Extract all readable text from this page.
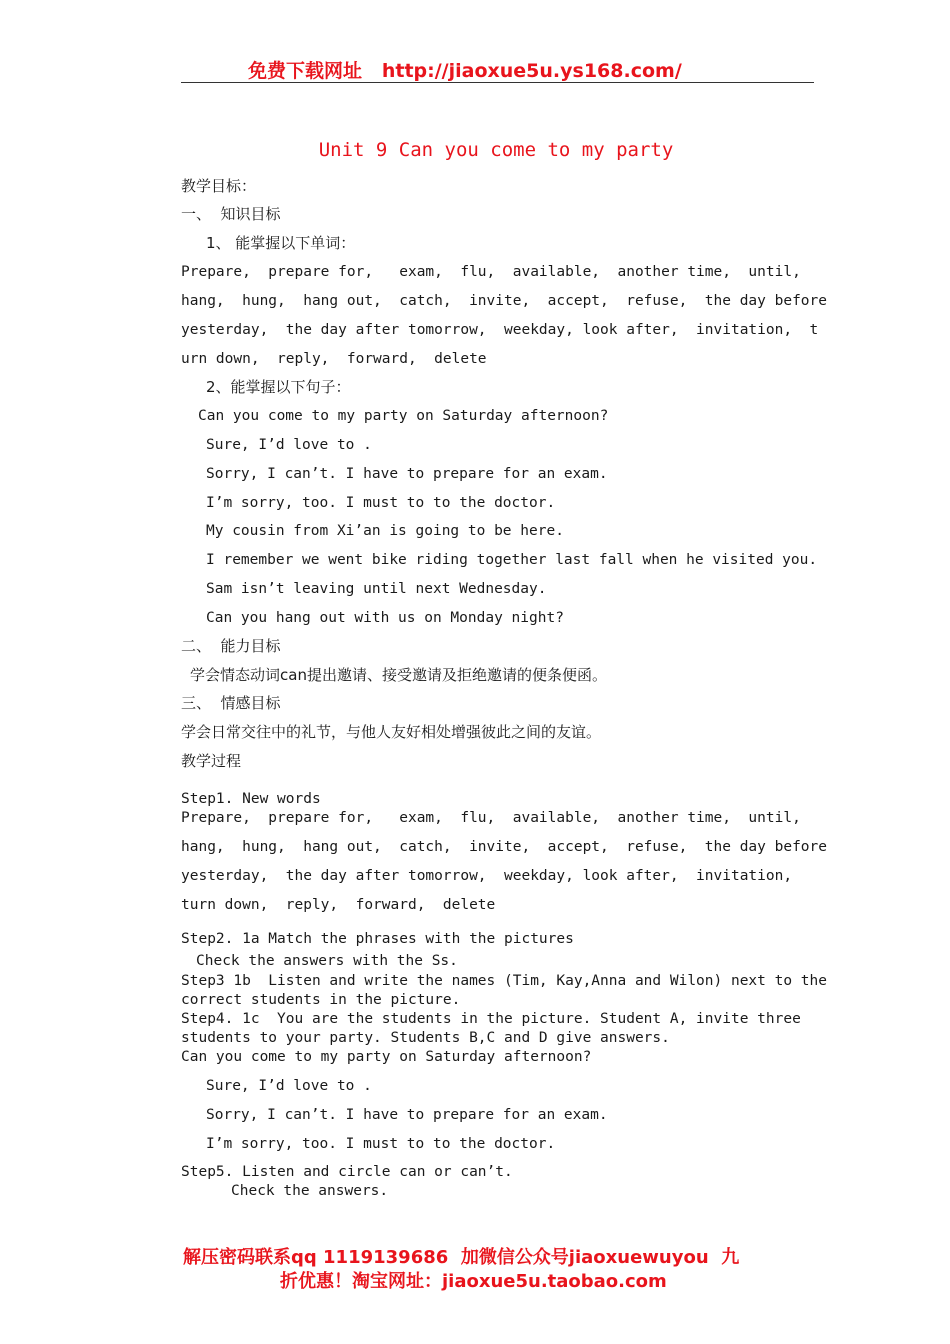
免费下载网址   http://jiaoxue5u.ys168.com/
Unit 9 Can you come to my party
教学目标：
一、  知识目标
1、 能掌握以下单词：
Prepare,  prepare for,   exam,  flu,  available,  another time,  until,
hang,  hung,  hang out,  catch,  invite,  accept,  refuse,  the day before
yesterday,  the day after tomorrow,  weekday, look after,  invitation,  t
urn down,  reply,  forward,  delete
2、能掌握以下句子：
Can you come to my party on Saturday afternoon?
Sure, I’d love to .
Sorry, I can’t. I have to prepare for an exam.
I’m sorry, too. I must to to the doctor.
My cousin from Xi’an is going to be here.
I remember we went bike riding together last fall when he visited you.
Sam isn’t leaving until next Wednesday.
Can you hang out with us on Monday night?
二、  能力目标
学会情态动词can提出邀请、接受邀请及拒绝邀请的便条便函。
三、  情感目标
学会日常交往中的礼节，与他人友好相处增强彼此之间的友谊。
教学过程
Step1. New words
Prepare,  prepare for,   exam,  flu,  available,  another time,  until,
hang,  hung,  hang out,  catch,  invite,  accept,  refuse,  the day before
yesterday,  the day after tomorrow,  weekday, look after,  invitation,
turn down,  reply,  forward,  delete
Step2. 1a Match the phrases with the pictures
Check the answers with the Ss.
Step3 1b  Listen and write the names (Tim, Kay,Anna and Wilon) next to the
correct students in the picture.
Step4. 1c  You are the students in the picture. Student A, invite three
students to your party. Students B,C and D give answers.
Can you come to my party on Saturday afternoon?
Sure, I’d love to .
Sorry, I can’t. I have to prepare for an exam.
I’m sorry, too. I must to to the doctor.
Step5. Listen and circle can or can’t.
Check the answers.
解压密码联系qq 1119139686  加微信公众号jiaoxuewuyou  九
折优惠！淘宝网址：jiaoxue5u.taobao.com
